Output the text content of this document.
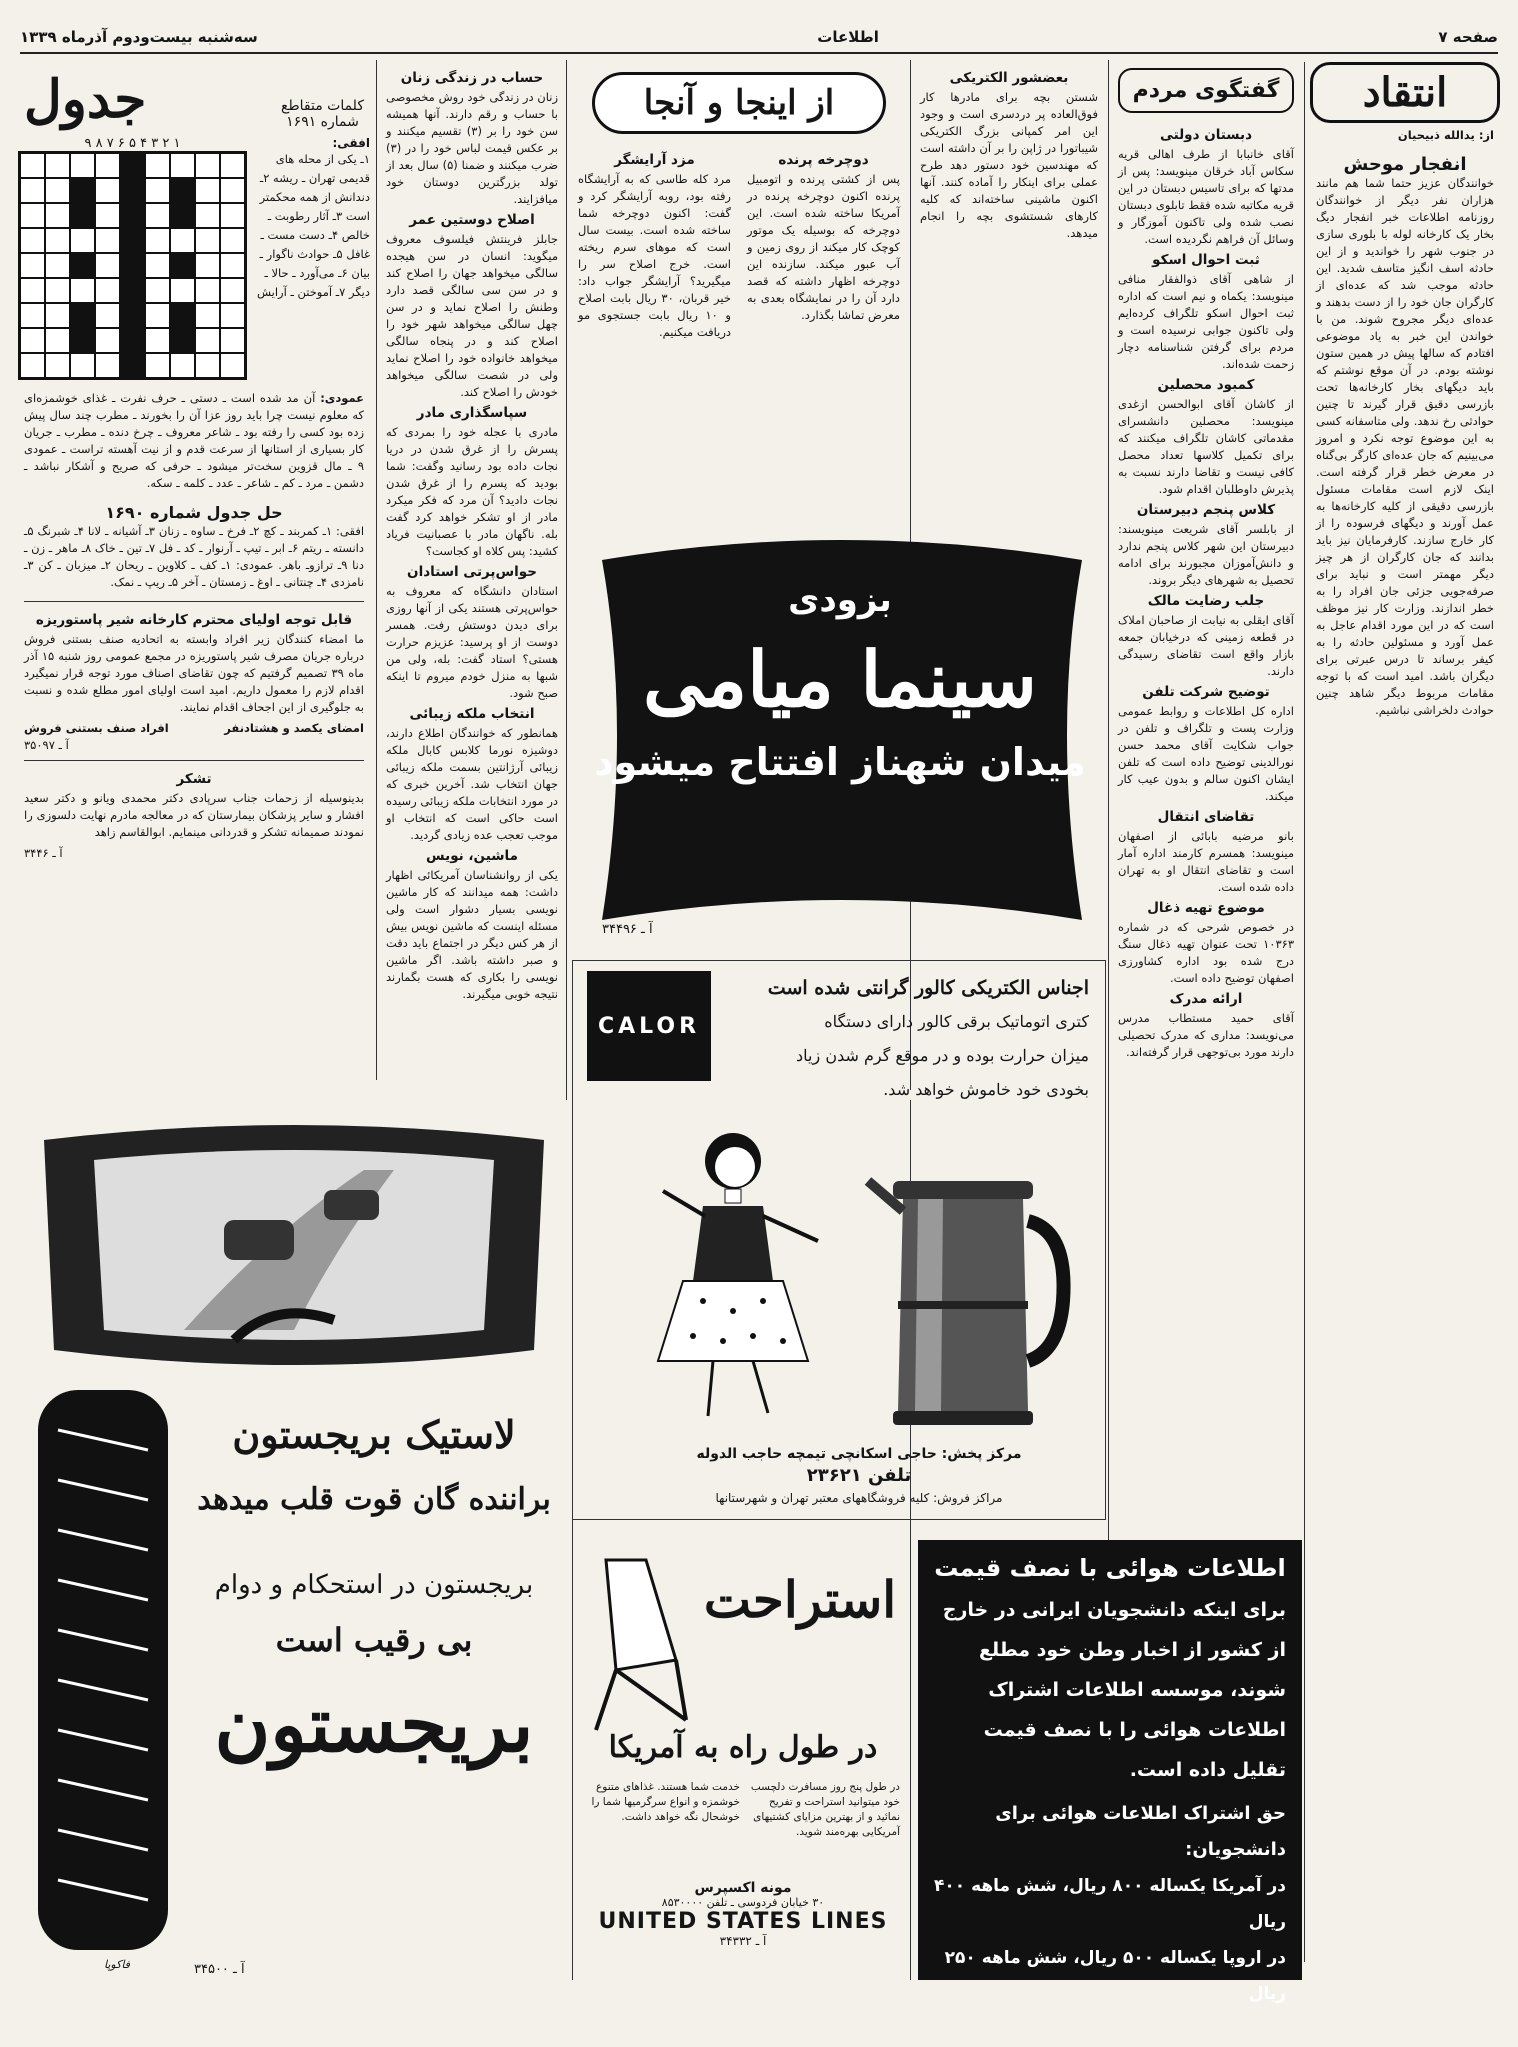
صفحه ۷
اطلاعات
سه‌شنبه بیست‌ودوم آذرماه ۱۳۳۹
کلمات متقاطع
شماره ۱۶۹۱
جدول
افقی:
۱ـ یکی از محله های قدیمی تهران ـ ریشه ۲ـ دندانش از همه محکمتر است ۳ـ آثار رطوبت ـ خالص ۴ـ دست مست ـ غافل ۵ـ حوادث ناگوار ـ بیان ۶ـ می‌آورد ـ حالا ـ دیگر ۷ـ آموختن ـ آرایش
۹ ۸ ۷ ۶ ۵ ۴ ۳ ۲ ۱
عمودی: آن مد شده است ـ دستی ـ حرف نفرت ـ غذای خوشمزه‌ای که معلوم نیست چرا باید روز عزا آن را بخورند ـ مطرب چند سال پیش زده بود کسی را رفته بود ـ شاعر معروف ـ چرخ دنده ـ مطرب ـ جریان کار بسیاری از استانها از سرعت قدم و از نیت آهسته تراست ـ عمودی ۹ ـ مال قزوین سخت‌تر میشود ـ حرفی که صریح و آشکار نباشد ـ دشمن ـ مرد ـ کم ـ شاعر ـ عدد ـ کلمه ـ سکه.
حل جدول شماره ۱۶۹۰

افقی: ۱ـ کمربند ـ کچ ۲ـ فرخ ـ ساوه ـ زنان ۳ـ آشیانه ـ لانا ۴ـ شبرنگ ۵ـ دانسته ـ ریتم ۶ـ ابر ـ تیپ ـ آرنوار ـ کد ـ فل ۷ـ تین ـ خاک ۸ـ ماهر ـ زن ـ دنا ۹ـ ترازوـ باهر. عمودی: ۱ـ کف ـ کلاوین ـ ریحان ۲ـ میزبان ـ کن ۳ـ نامزدی ۴ـ چنتانی ـ اوغ ـ زمستان ـ آخر ۵ـ ریپ ـ نمک.

قابل توجه اولیای محترم کارخانه شیر پاستوریزه

ما امضاء کنندگان زیر افراد وابسته به اتحادیه صنف بستنی فروش درباره جریان مصرف شیر پاستوریزه در مجمع عمومی روز شنبه ۱۵ آذر ماه ۳۹ تصمیم گرفتیم که چون تقاضای اصناف مورد توجه قرار نمیگیرد اقدام لازم را معمول داریم. امید است اولیای امور مطلع شده و نسبت به جلوگیری از این اجحاف اقدام نمایند.

امضای یکصد و هشتادنفر
افراد صنف بستنی فروش
آ ـ ۳۵۰۹۷
تشکر

بدینوسیله از زحمات جناب سرپادی دکتر محمدی ویانو و دکتر سعید افشار و سایر پزشکان بیمارستان که در معالجه مادرم نهایت دلسوزی را نمودند صمیمانه تشکر و قدردانی مینمایم. ابوالقاسم زاهد

آ ـ ۳۴۴۶
حساب در زندگی زنان

زنان در زندگی خود روش مخصوصی با حساب و رقم دارند. آنها همیشه سن خود را بر (۳) تقسیم میکنند و بر عکس قیمت لباس خود را در (۳) ضرب میکنند و ضمنا (۵) سال بعد از تولد بزرگترین دوستان خود میافزایند.

اصلاح دوستین عمر

جابلز فرینتش فیلسوف معروف میگوید: انسان در سن هیجده سالگی میخواهد جهان را اصلاح کند و در سن سی سالگی قصد دارد وطنش را اصلاح نماید و در سن چهل سالگی میخواهد شهر خود را اصلاح کند و در پنجاه سالگی میخواهد خانواده خود را اصلاح نماید ولی در شصت سالگی میخواهد خودش را اصلاح کند.

سپاسگذاری مادر

مادری با عجله خود را بمردی که پسرش را از غرق شدن در دریا نجات داده بود رسانید وگفت: شما بودید که پسرم را از غرق شدن نجات دادید؟ آن مرد که فکر میکرد مادر از او تشکر خواهد کرد گفت بله. ناگهان مادر با عصبانیت فریاد کشید: پس کلاه او کجاست؟

حواس‌پرتی استادان

استادان دانشگاه که معروف به حواس‌پرتی هستند یکی از آنها روزی برای دیدن دوستش رفت. همسر دوست از او پرسید: عزیزم حرارت هستی؟ استاد گفت: بله، ولی من شبها به منزل خودم میروم تا اینکه صبح شود.

انتخاب ملکه زیبائی

همانطور که خوانندگان اطلاع دارند، دوشیزه نورما کلابس کابال ملکه زیبائی آرژانتین بسمت ملکه زیبائی جهان انتخاب شد. آخرین خبری که در مورد انتخابات ملکه زیبائی رسیده است حاکی است که انتخاب او موجب تعجب عده زیادی گردید.

ماشین، نویس

یکی از روانشناسان آمریکائی اظهار داشت: همه میدانند که کار ماشین نویسی بسیار دشوار است ولی مسئله اینست که ماشین نویس بیش از هر کس دیگر در اجتماع باید دقت و صبر داشته باشد. اگر ماشین نویسی را بکاری که هست بگمارند نتیجه خوبی میگیرند.

از اینجا و آنجا
دوچرخه پرنده

پس از کشتی پرنده و اتومبیل پرنده اکنون دوچرخه پرنده در آمریکا ساخته شده است. این دوچرخه که بوسیله یک موتور کوچک کار میکند از روی زمین و آب عبور میکند. سازنده این دوچرخه اظهار داشته که قصد دارد آن را در نمایشگاه بعدی به معرض تماشا بگذارد.

مزد آرایشگر

مرد کله طاسی که به آرایشگاه رفته بود، روبه آرایشگر کرد و گفت: اکنون دوچرخه شما ساخته شده است. بیست سال است که موهای سرم ریخته است. خرج اصلاح سر را میگیرید؟ آرایشگر جواب داد: خیر قربان، ۳۰ ریال بابت اصلاح و ۱۰ ریال بابت جستجوی مو دریافت میکنیم.

بعضشور الکتریکی

شستن بچه برای مادرها کار فوق‌العاده پر دردسری است و وجود این امر کمپانی بزرگ الکتریکی شیباتورا در ژاپن را بر آن داشته است که مهندسین خود دستور دهد طرح عملی برای اینکار را آماده کنند. آنها اکنون ماشینی ساخته‌اند که کلیه کارهای شستشوی بچه را انجام میدهد.

بزودی
سینما میامی
میدان شهناز افتتاح میشود
آ ـ ۳۴۴۹۶
CALOR
اجناس الکتریکی کالور گرانتی شده است
کتری اتوماتیک برقی کالور دارای دستگاه
میزان حرارت بوده و در موقع گرم شدن زیاد
بخودی خود خاموش خواهد شد.
مرکز پخش: حاجی اسکانچی تیمچه حاجب الدوله
تلفن ۲۳۶۲۱
مراکز فروش: کلیه فروشگاههای معتبر تهران و شهرستانها
انتقاد
از: یدالله ذبیحیان
انفجار موحش

خوانندگان عزیز حتما شما هم مانند هزاران نفر دیگر از خوانندگان روزنامه اطلاعات خبر انفجار دیگ بخار یک کارخانه لوله با بلوری سازی در جنوب شهر را خواندید و از این حادثه اسف انگیز متاسف شدید. این حادثه موجب شد که عده‌ای از کارگران جان خود را از دست بدهند و عده‌ای دیگر مجروح شوند. من با خواندن این خبر به یاد موضوعی افتادم که سالها پیش در همین ستون نوشته بودم. در آن موقع نوشتم که باید دیگهای بخار کارخانه‌ها تحت بازرسی دقیق قرار گیرند تا چنین حوادثی رخ ندهد. ولی متاسفانه کسی به این موضوع توجه نکرد و امروز می‌بینیم که جان عده‌ای کارگر بی‌گناه در معرض خطر قرار گرفته است. اینک لازم است مقامات مسئول بازرسی دقیقی از کلیه کارخانه‌ها به عمل آورند و دیگهای فرسوده را از کار خارج سازند. کارفرمایان نیز باید بدانند که جان کارگران از هر چیز دیگر مهمتر است و نباید برای صرفه‌جویی جزئی جان افراد را به خطر اندازند. وزارت کار نیز موظف است که در این مورد اقدام عاجل به عمل آورد و مسئولین حادثه را به کیفر برساند تا درس عبرتی برای دیگران باشد. امید است که با توجه مقامات مربوط دیگر شاهد چنین حوادث دلخراشی نباشیم.

گفتگوی مردم
دبستان دولتی

آقای خانبابا از طرف اهالی قریه سکاس آباد خرقان مینویسد: پس از مدتها که برای تاسیس دبستان در این قریه مکاتبه شده فقط تابلوی دبستان نصب شده ولی تاکنون آموزگار و وسائل آن فراهم نگردیده است.

ثبت احوال اسکو

از شاهی آقای ذوالفقار منافی مینویسد: یکماه و نیم است که اداره ثبت احوال اسکو تلگراف کرده‌ایم ولی تاکنون جوابی نرسیده است و مردم برای گرفتن شناسنامه دچار زحمت شده‌اند.

کمبود محصلین

از کاشان آقای ابوالحسن ازغدی مینویسد: محصلین دانشسرای مقدماتی کاشان تلگراف میکنند که برای تکمیل کلاسها تعداد محصل کافی نیست و تقاضا دارند نسبت به پذیرش داوطلبان اقدام شود.

کلاس پنجم دبیرستان

از بابلسر آقای شریعت مینویسند: دبیرستان این شهر کلاس پنجم ندارد و دانش‌آموزان مجبورند برای ادامه تحصیل به شهرهای دیگر بروند.

جلب رضایت مالک

آقای ایقلی به نیابت از صاحبان املاک در قطعه زمینی که درخیابان جمعه بازار واقع است تقاضای رسیدگی دارند.

توضیح شرکت تلفن

اداره کل اطلاعات و روابط عمومی وزارت پست و تلگراف و تلفن در جواب شکایت آقای محمد حسن نورالدینی توضیح داده است که تلفن ایشان اکنون سالم و بدون عیب کار میکند.

تقاضای انتقال

بانو مرضیه بابائی از اصفهان مینویسد: همسرم کارمند اداره آمار است و تقاضای انتقال او به تهران داده شده است.

موضوع تهیه ذغال

در خصوص شرحی که در شماره ۱۰۳۶۳ تحت عنوان تهیه ذغال سنگ درج شده بود اداره کشاورزی اصفهان توضیح داده است.

ارائه مدرک

آقای حمید مستطاب مدرس می‌نویسد: مداری که مدرک تحصیلی دارند مورد بی‌توجهی قرار گرفته‌اند.

لاستیک بریجستون
براننده گان قوت قلب میدهد
بریجستون در استحکام و دوام
بی رقیب است
بریجستون
آ ـ ۳۴۵۰۰
فاکوپا
استراحت
در طول راه به آمریکا

در طول پنج روز مسافرت دلچسب خود میتوانید استراحت و تفریح نمائید و از بهترین مزایای کشتیهای آمریکایی بهره‌مند شوید.

خدمت شما هستند. غذاهای متنوع خوشمزه و انواع سرگرمیها شما را خوشحال نگه خواهد داشت.

مونه اکسپرس
۳۰ خیابان فردوسی ـ تلفن ۸۵۳۰۰۰۰
UNITED STATES LINES
آ ـ ۳۴۳۳۲
اطلاعات هوائی با نصف قیمت
برای اینکه دانشجویان ایرانی در خارج از کشور از اخبار وطن خود مطلع شوند، موسسه اطلاعات اشتراک اطلاعات هوائی را با نصف قیمت تقلیل داده است.
حق اشتراک اطلاعات هوائی برای دانشجویان:
در آمریکا یکساله ۸۰۰ ریال، شش ماهه ۴۰۰ ریال
در اروپا یکساله ۵۰۰ ریال، شش ماهه ۲۵۰ ریال
